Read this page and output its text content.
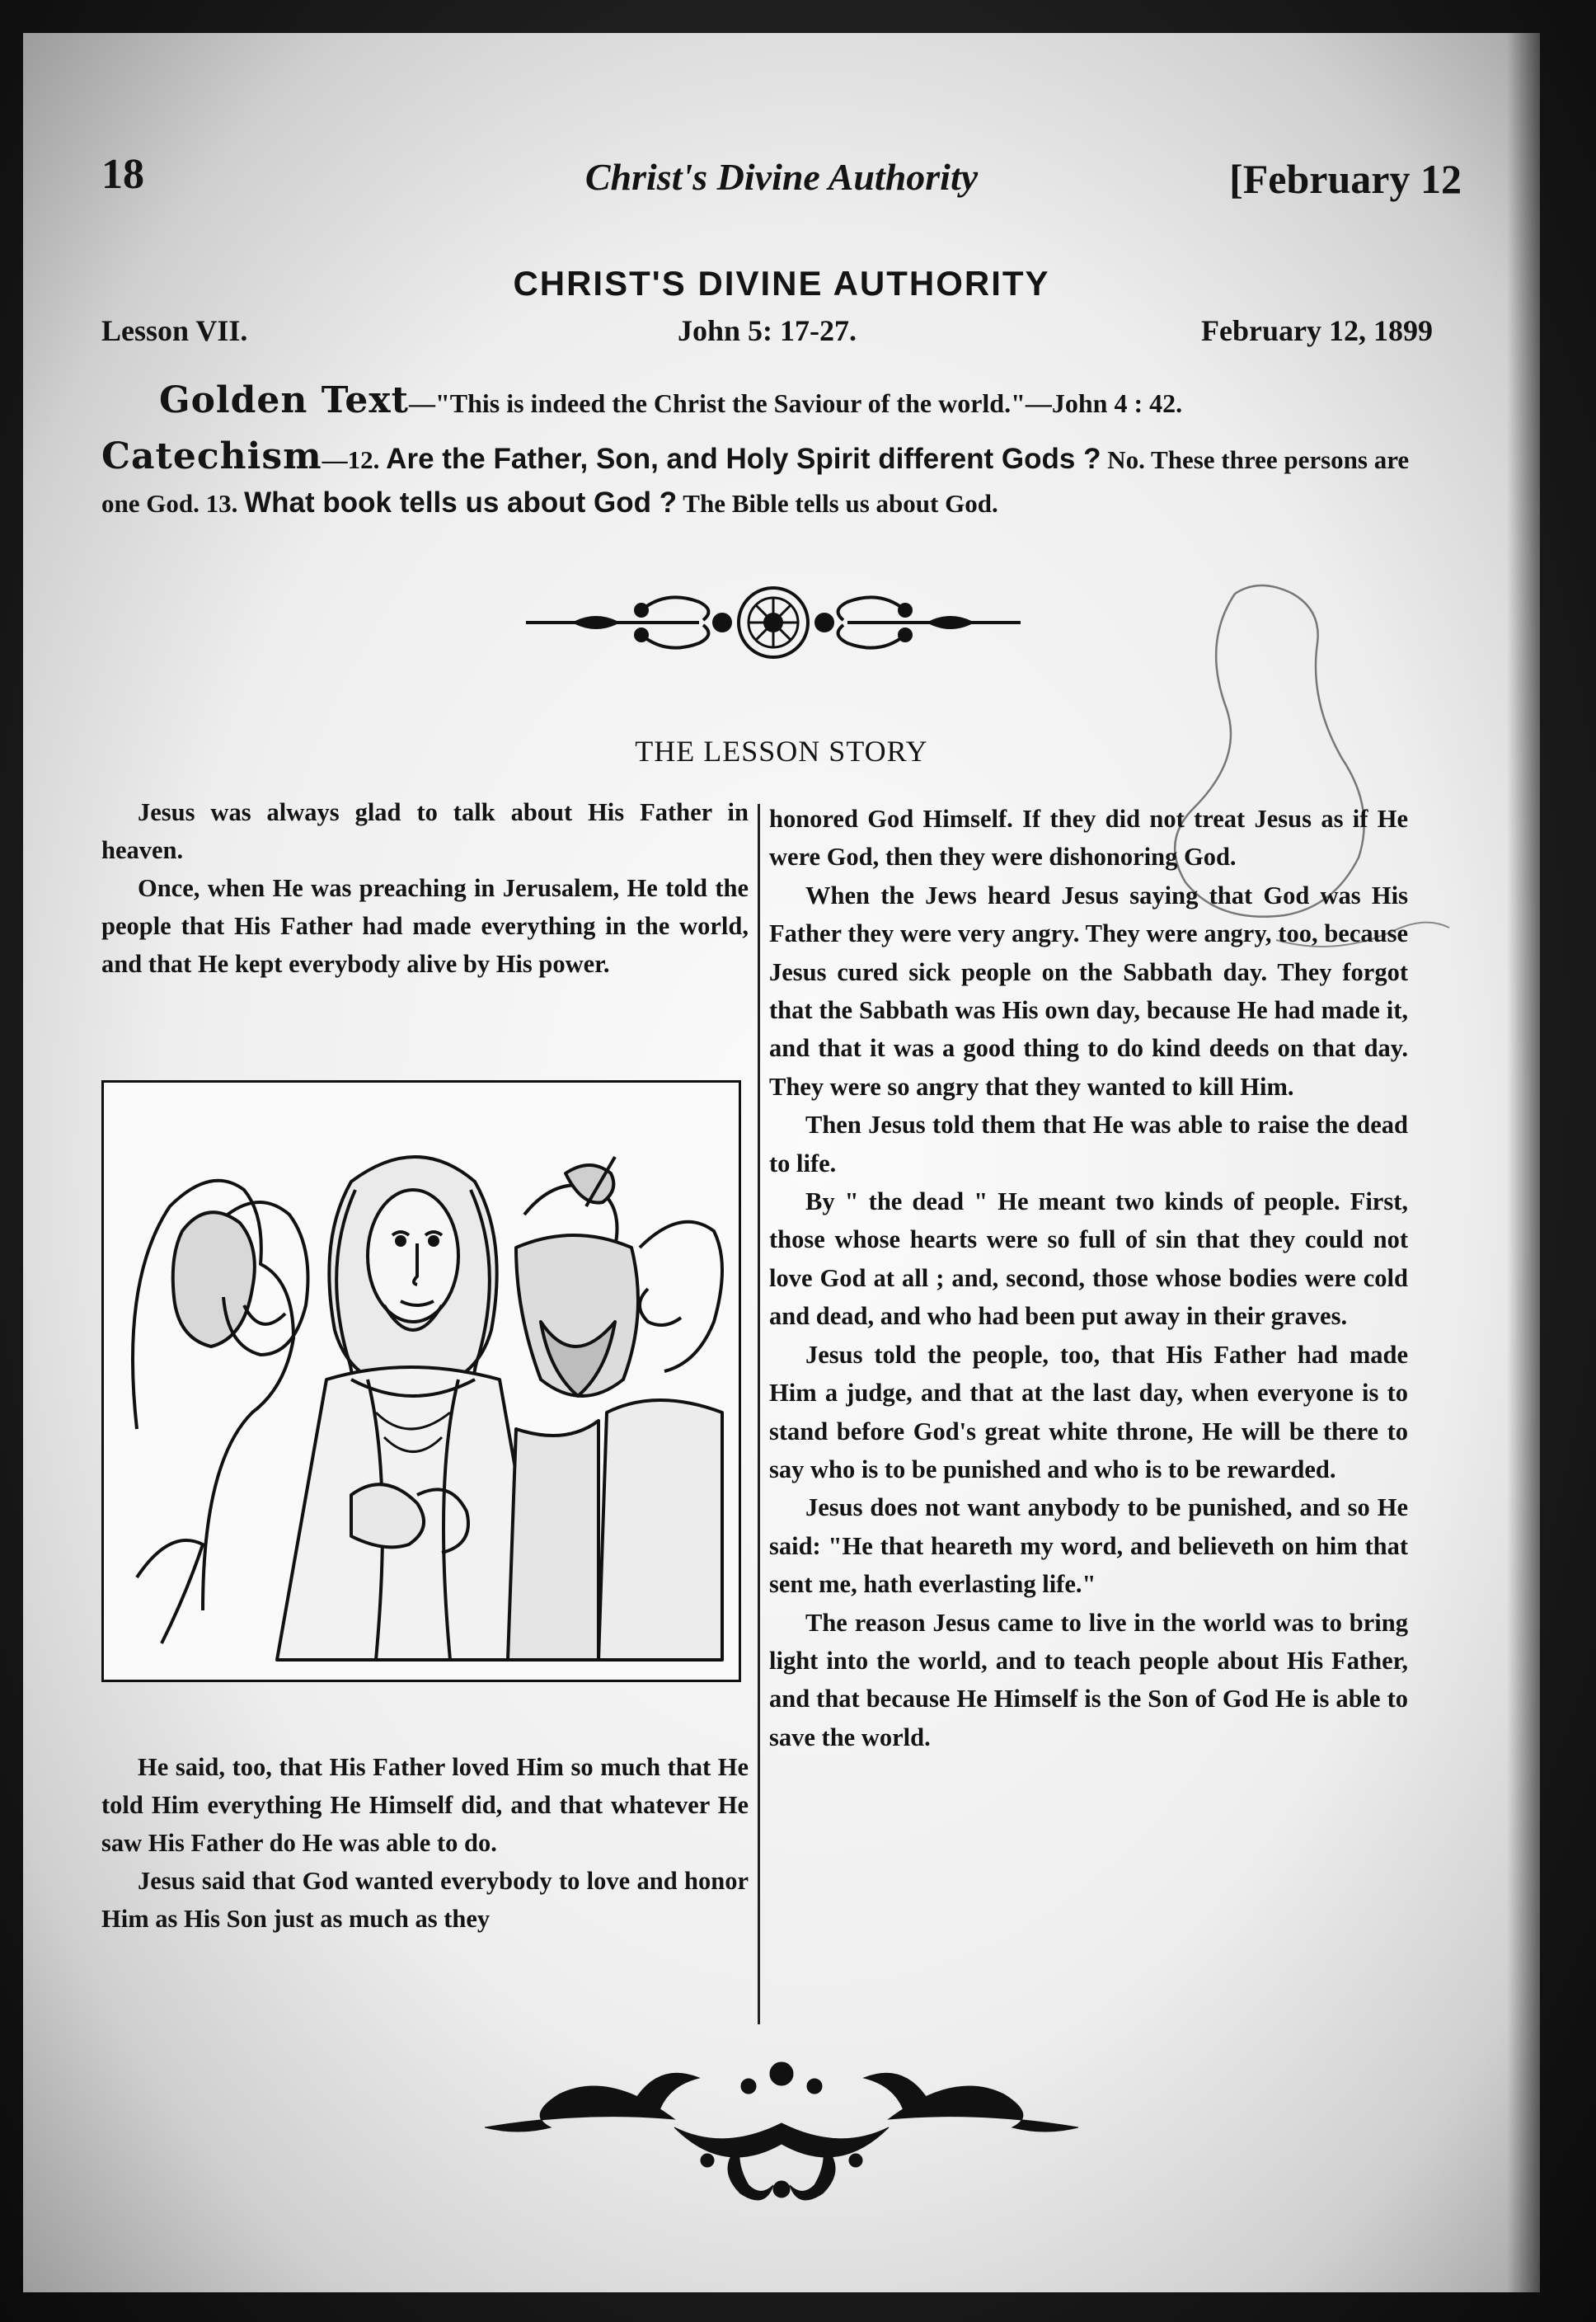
18	Christ's Divine Authority	[February 12
CHRIST'S DIVINE AUTHORITY
Lesson VII.	John 5: 17-27.	February 12, 1899
Golden Text—"This is indeed the Christ the Saviour of the world."—John 4 : 42.
Catechism—12. Are the Father, Son, and Holy Spirit different Gods ? No. These three persons are one God. 13. What book tells us about God ? The Bible tells us about God.
THE LESSON STORY

Jesus was always glad to talk about His Father in heaven.

Once, when He was preaching in Jerusalem, He told the people that His Father had made everything in the world, and that He kept everybody alive by His power.

He said, too, that His Father loved Him so much that He told Him everything He Himself did, and that whatever He saw His Father do He was able to do.

Jesus said that God wanted everybody to love and honor Him as His Son just as much as they

honored God Himself. If they did not treat Jesus as if He were God, then they were dishonoring God.

When the Jews heard Jesus saying that God was His Father they were very angry. They were angry, too, because Jesus cured sick people on the Sabbath day. They forgot that the Sabbath was His own day, because He had made it, and that it was a good thing to do kind deeds on that day. They were so angry that they wanted to kill Him.

Then Jesus told them that He was able to raise the dead to life.

By " the dead " He meant two kinds of people. First, those whose hearts were so full of sin that they could not love God at all ; and, second, those whose bodies were cold and dead, and who had been put away in their graves.

Jesus told the people, too, that His Father had made Him a judge, and that at the last day, when everyone is to stand before God's great white throne, He will be there to say who is to be punished and who is to be rewarded.

Jesus does not want anybody to be punished, and so He said: "He that heareth my word, and believeth on him that sent me, hath everlasting life."

The reason Jesus came to live in the world was to bring light into the world, and to teach people about His Father, and that because He Himself is the Son of God He is able to save the world.
